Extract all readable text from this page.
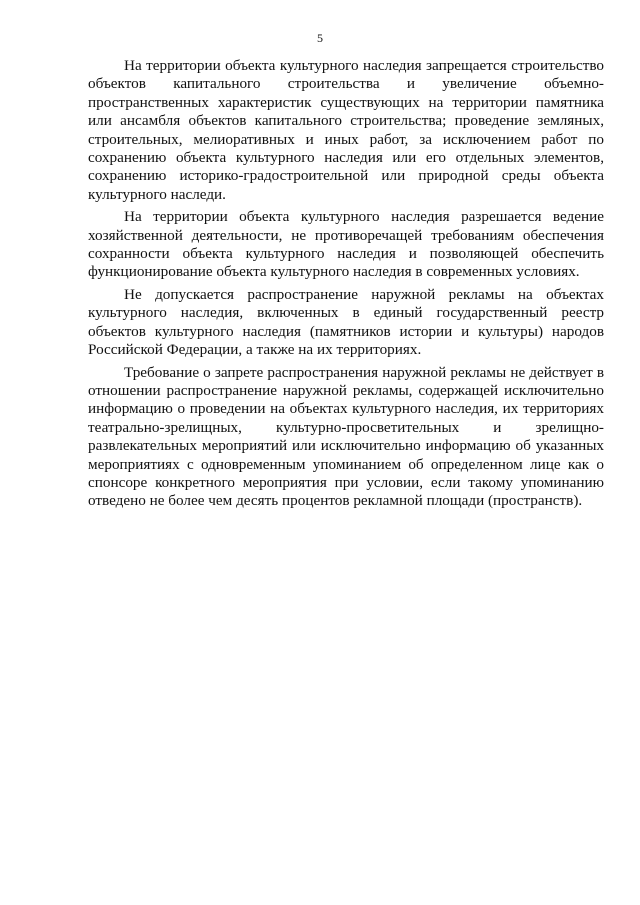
5

На территории объекта культурного наследия запрещается строительство объектов капитального строительства и увеличение объемно-пространственных характеристик существующих на территории памятника или ансамбля объектов капитального строительства; проведение земляных, строительных, мелиоративных и иных работ, за исключением работ по сохранению объекта культурного наследия или его отдельных элементов, сохранению историко-градостроительной или природной среды объекта культурного наследи.

На территории объекта культурного наследия разрешается ведение хозяйственной деятельности, не противоречащей требованиям обеспечения сохранности объекта культурного наследия и позволяющей обеспечить функционирование объекта культурного наследия в современных условиях.

Не допускается распространение наружной рекламы на объектах культурного наследия, включенных в единый государственный реестр объектов культурного наследия (памятников истории и культуры) народов Российской Федерации, а также на их территориях.

Требование о запрете распространения наружной рекламы не действует в отношении распространение наружной рекламы, содержащей исключительно информацию о проведении на объектах культурного наследия, их территориях театрально-зрелищных, культурно-просветительных и зрелищно-развлекательных мероприятий или исключительно информацию об указанных мероприятиях с одновременным упоминанием об определенном лице как о спонсоре конкретного мероприятия при условии, если такому упоминанию отведено не более чем десять процентов рекламной площади (пространств).
